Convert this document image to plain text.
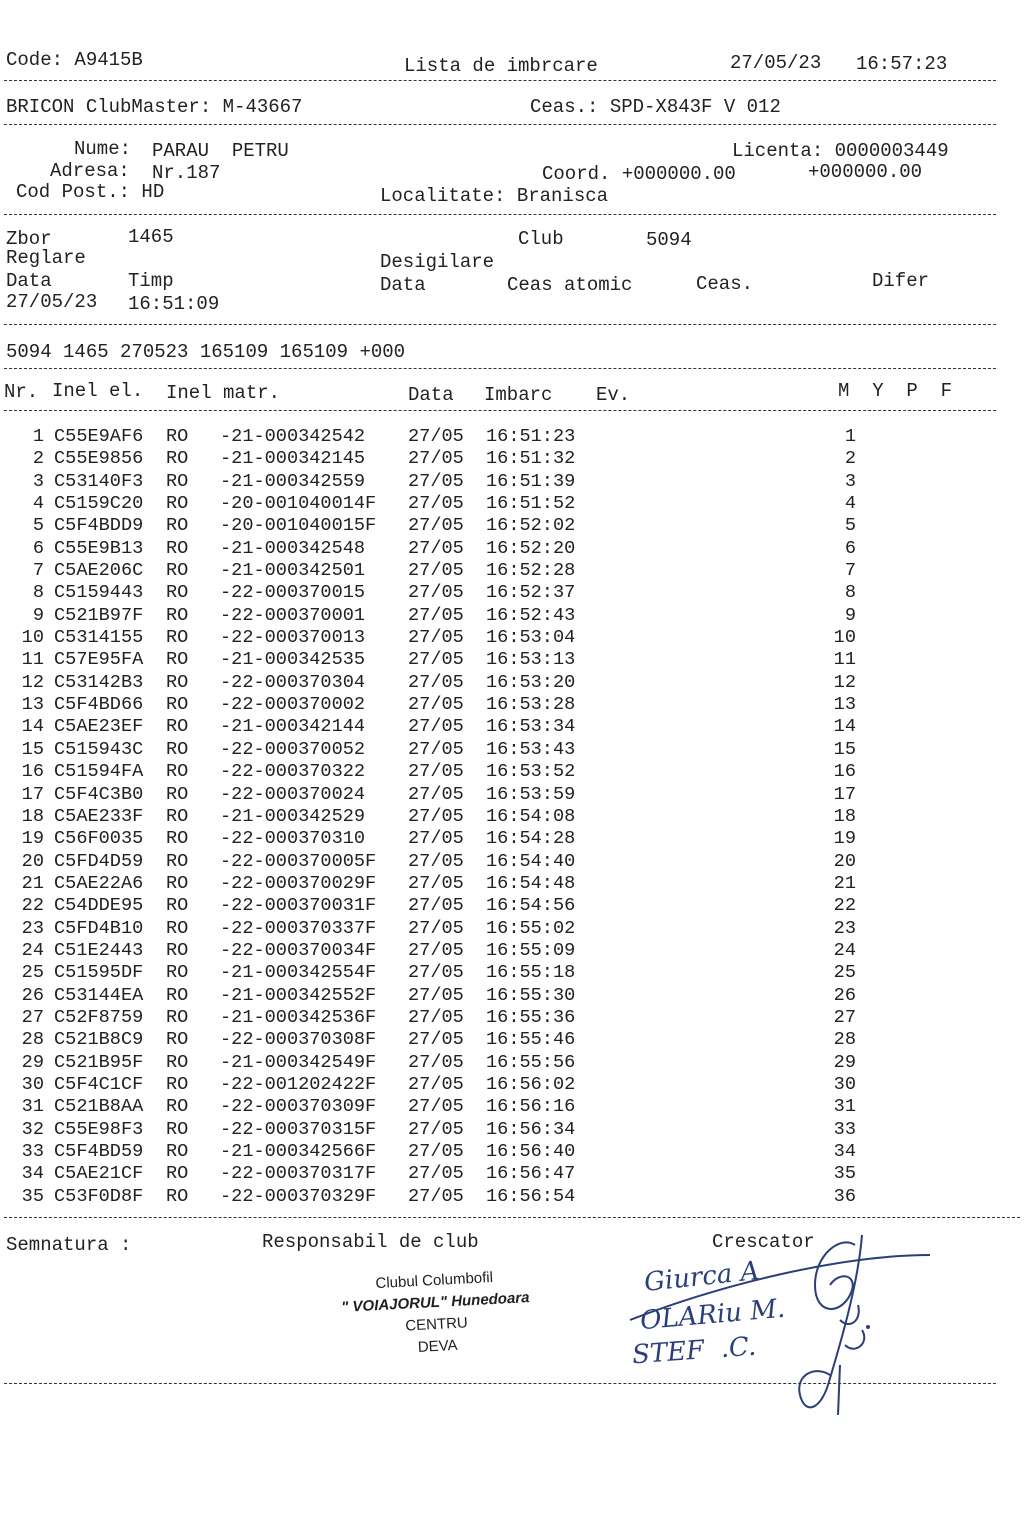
Code: A9415B	Lista de imbrcare	27/05/23 16:57:23
BRICON ClubMaster: M-43667	Ceas.: SPD-X843F V 012
Nume: PARAU  PETRU	Licenta: 0000003449
Adresa: Nr.187	Coord. +000000.00	+000000.00
Cod Post.: HD	Localitate: Branisca
Zbor	1465	Club	5094
Reglare	Desigilare
Data	Timp	Data	Ceas atomic	Ceas.	Difer
27/05/23 16:51:09
5094 1465 270523 165109 165109 +000
Nr. Inel el. Inel matr.	Data Imbarc Ev.	M  Y  P  F
1 C55E9AF6 RO -21-000342542 27/05 16:51:23	1
2 C55E9856 RO -21-000342145 27/05 16:51:32	2
3 C53140F3 RO -21-000342559 27/05 16:51:39	3
4 C5159C20 RO -20-001040014F 27/05 16:51:52	4
5 C5F4BDD9 RO -20-001040015F 27/05 16:52:02	5
6 C55E9B13 RO -21-000342548 27/05 16:52:20	6
7 C5AE206C RO -21-000342501 27/05 16:52:28	7
8 C5159443 RO -22-000370015 27/05 16:52:37	8
9 C521B97F RO -22-000370001 27/05 16:52:43	9
10 C5314155 RO -22-000370013 27/05 16:53:04	10
11 C57E95FA RO -21-000342535 27/05 16:53:13	11
12 C53142B3 RO -22-000370304 27/05 16:53:20	12
13 C5F4BD66 RO -22-000370002 27/05 16:53:28	13
14 C5AE23EF RO -21-000342144 27/05 16:53:34	14
15 C515943C RO -22-000370052 27/05 16:53:43	15
16 C51594FA RO -22-000370322 27/05 16:53:52	16
17 C5F4C3B0 RO -22-000370024 27/05 16:53:59	17
18 C5AE233F RO -21-000342529 27/05 16:54:08	18
19 C56F0035 RO -22-000370310 27/05 16:54:28	19
20 C5FD4D59 RO -22-000370005F 27/05 16:54:40	20
21 C5AE22A6 RO -22-000370029F 27/05 16:54:48	21
22 C54DDE95 RO -22-000370031F 27/05 16:54:56	22
23 C5FD4B10 RO -22-000370337F 27/05 16:55:02	23
24 C51E2443 RO -22-000370034F 27/05 16:55:09	24
25 C51595DF RO -21-000342554F 27/05 16:55:18	25
26 C53144EA RO -21-000342552F 27/05 16:55:30	26
27 C52F8759 RO -21-000342536F 27/05 16:55:36	27
28 C521B8C9 RO -22-000370308F 27/05 16:55:46	28
29 C521B95F RO -21-000342549F 27/05 16:55:56	29
30 C5F4C1CF RO -22-001202422F 27/05 16:56:02	30
31 C521B8AA RO -22-000370309F 27/05 16:56:16	31
32 C55E98F3 RO -22-000370315F 27/05 16:56:34	33
33 C5F4BD59 RO -21-000342566F 27/05 16:56:40	34
34 C5AE21CF RO -22-000370317F 27/05 16:56:47	35
35 C53F0D8F RO -22-000370329F 27/05 16:56:54	36
Semnatura :	Responsabil de club	Crescator
Clubul Columbofil
" VOIAJORUL" Hunedoara
CENTRU
DEVA
Giurca A
OLARiu M.
STEF  .C.
